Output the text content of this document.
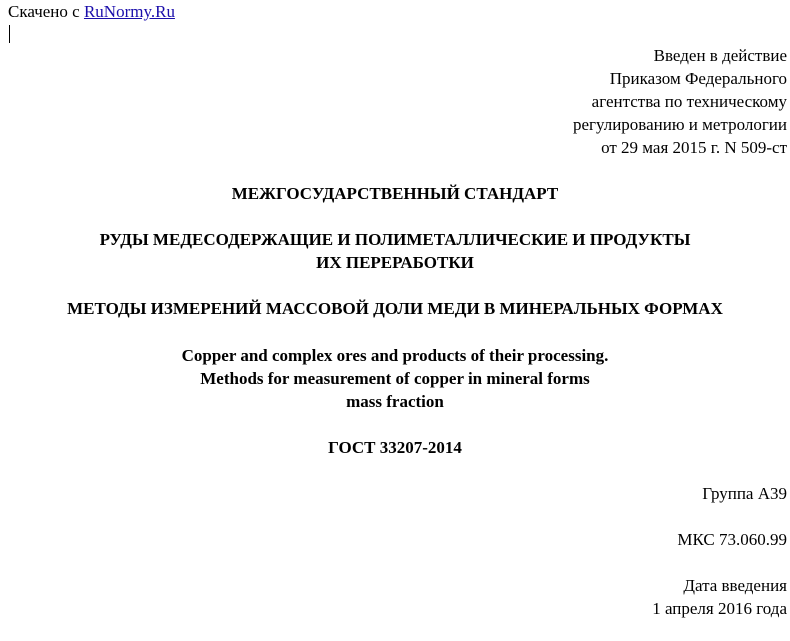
Скачено с RuNormy.Ru
Введен в действие
Приказом Федерального
агентства по техническому
регулированию и метрологии
от 29 мая 2015 г. N 509-ст
МЕЖГОСУДАРСТВЕННЫЙ СТАНДАРТ
РУДЫ МЕДЕСОДЕРЖАЩИЕ И ПОЛИМЕТАЛЛИЧЕСКИЕ И ПРОДУКТЫ
ИХ ПЕРЕРАБОТКИ
МЕТОДЫ ИЗМЕРЕНИЙ МАССОВОЙ ДОЛИ МЕДИ В МИНЕРАЛЬНЫХ ФОРМАХ
Copper and complex ores and products of their processing.
Methods for measurement of copper in mineral forms
mass fraction
ГОСТ 33207-2014
Группа А39
МКС 73.060.99
Дата введения
1 апреля 2016 года
